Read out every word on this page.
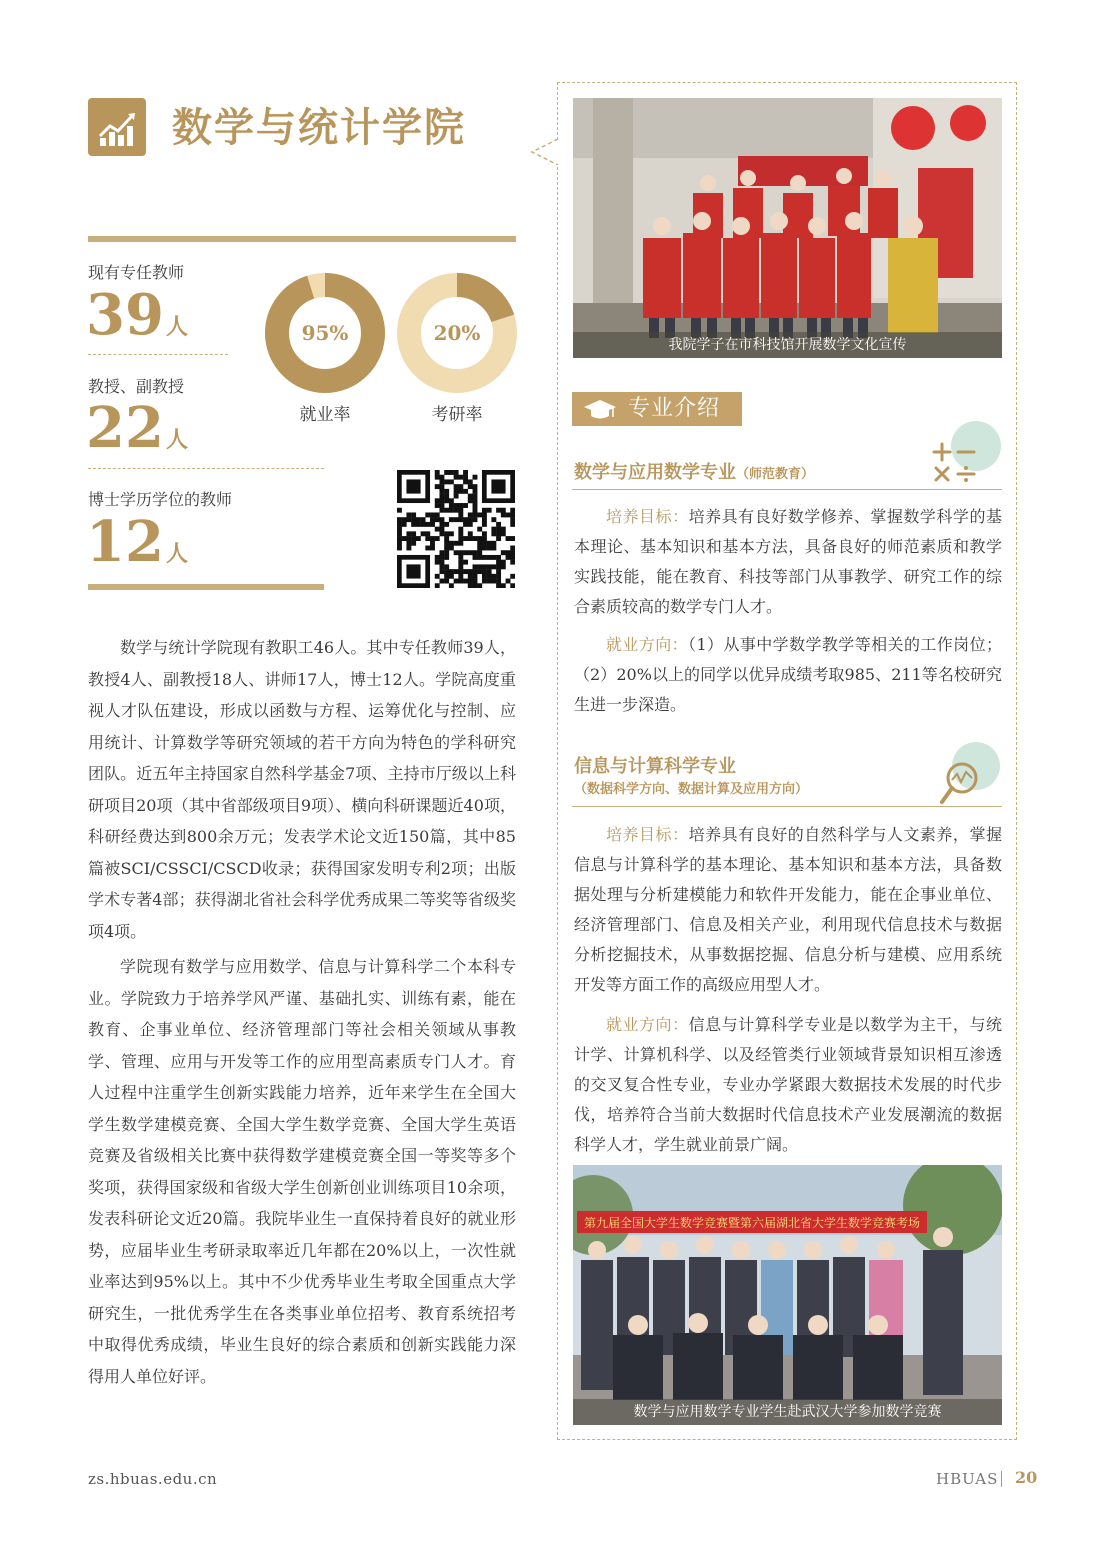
数学与统计学院
现有专任教师
39人
教授、副教授
22人
博士学历学位的教师
12人
95%
就业率
20%
考研率

数学与统计学院现有教职工46人。其中专任教师39人，教授4人、副教授18人、讲师17人，博士12人。学院高度重视人才队伍建设，形成以函数与方程、运筹优化与控制、应用统计、计算数学等研究领域的若干方向为特色的学科研究团队。近五年主持国家自然科学基金7项、主持市厅级以上科研项目20项（其中省部级项目9项）、横向科研课题近40项，科研经费达到800余万元；发表学术论文近150篇，其中85篇被SCI/CSSCI/CSCD收录；获得国家发明专利2项；出版学术专著4部；获得湖北省社会科学优秀成果二等奖等省级奖项4项。

学院现有数学与应用数学、信息与计算科学二个本科专业。学院致力于培养学风严谨、基础扎实、训练有素，能在教育、企事业单位、经济管理部门等社会相关领域从事教学、管理、应用与开发等工作的应用型高素质专门人才。育人过程中注重学生创新实践能力培养，近年来学生在全国大学生数学建模竞赛、全国大学生数学竞赛、全国大学生英语竞赛及省级相关比赛中获得数学建模竞赛全国一等奖等多个奖项，获得国家级和省级大学生创新创业训练项目10余项，发表科研论文近20篇。我院毕业生一直保持着良好的就业形势，应届毕业生考研录取率近几年都在20%以上，一次性就业率达到95%以上。其中不少优秀毕业生考取全国重点大学研究生，一批优秀学生在各类事业单位招考、教育系统招考中取得优秀成绩，毕业生良好的综合素质和创新实践能力深得用人单位好评。

我院学子在市科技馆开展数学文化宣传
专业介绍
数学与应用数学专业（师范教育）
培养目标：培养具有良好数学修养、掌握数学科学的基本理论、基本知识和基本方法，具备良好的师范素质和教学实践技能，能在教育、科技等部门从事教学、研究工作的综合素质较高的数学专门人才。
就业方向：（1）从事中学数学教学等相关的工作岗位；（2）20%以上的同学以优异成绩考取985、211等名校研究生进一步深造。
信息与计算科学专业
（数据科学方向、数据计算及应用方向）
培养目标：培养具有良好的自然科学与人文素养，掌握信息与计算科学的基本理论、基本知识和基本方法，具备数据处理与分析建模能力和软件开发能力，能在企事业单位、经济管理部门、信息及相关产业，利用现代信息技术与数据分析挖掘技术，从事数据挖掘、信息分析与建模、应用系统开发等方面工作的高级应用型人才。
就业方向：信息与计算科学专业是以数学为主干，与统计学、计算机科学、以及经管类行业领域背景知识相互渗透的交叉复合性专业，专业办学紧跟大数据技术发展的时代步伐，培养符合当前大数据时代信息技术产业发展潮流的数据科学人才，学生就业前景广阔。
第九届全国大学生数学竞赛暨第六届湖北省大学生数学竞赛考场
数学与应用数学专业学生赴武汉大学参加数学竞赛
zs.hbuas.edu.cn	HBUAS 20
